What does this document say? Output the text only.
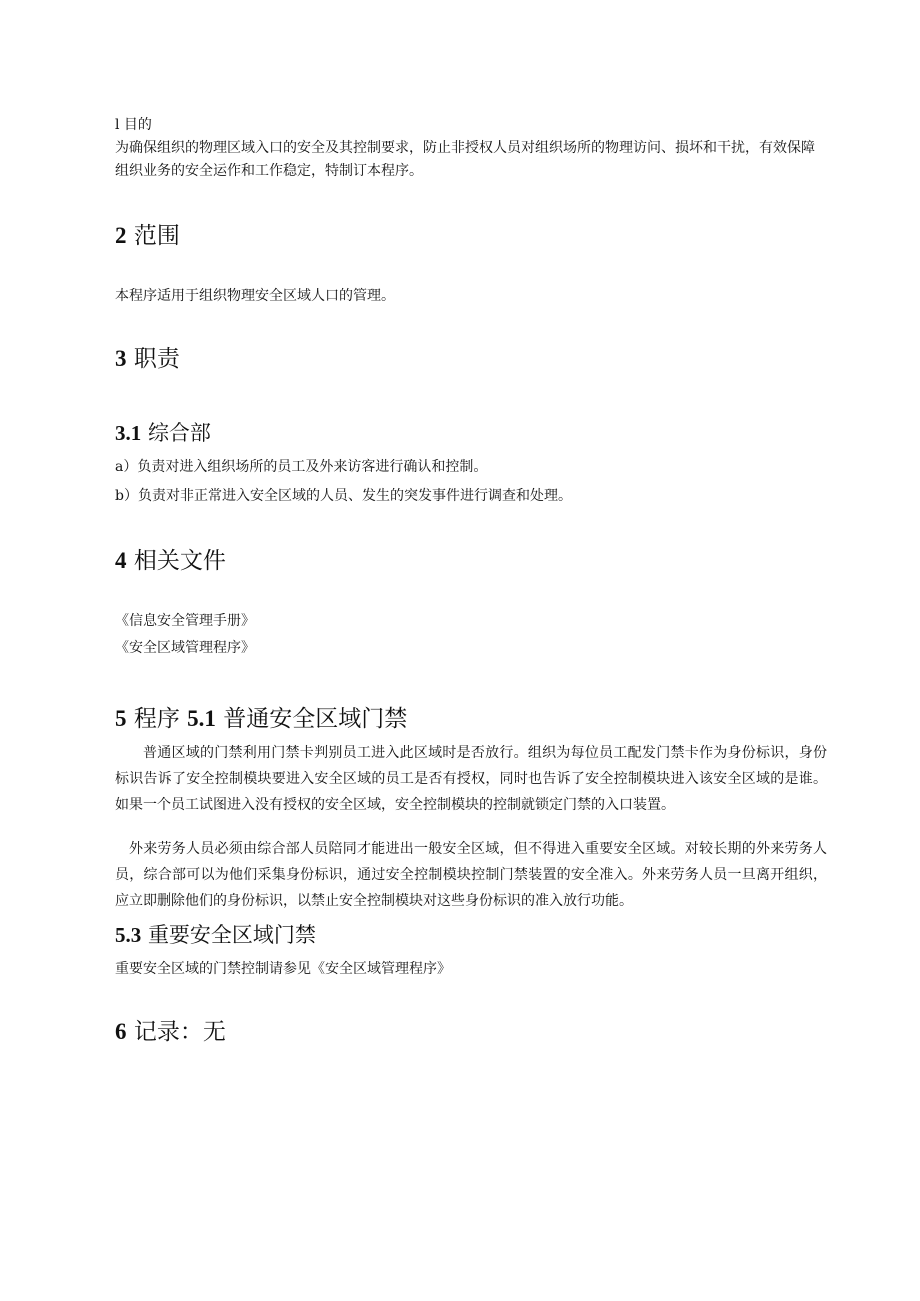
l 目的

为确保组织的物理区域入口的安全及其控制要求，防止非授权人员对组织场所的物理访问、损坏和干扰，有效保障组织业务的安全运作和工作稳定，特制订本程序。

2 范围

本程序适用于组织物理安全区域人口的管理。

3 职责
3.1 综合部

a）负责对进入组织场所的员工及外来访客进行确认和控制。

b）负责对非正常进入安全区域的人员、发生的突发事件进行调查和处理。

4 相关文件

《信息安全管理手册》

《安全区域管理程序》

5 程序 5.1 普通安全区域门禁

普通区域的门禁利用门禁卡判别员工进入此区域时是否放行。组织为每位员工配发门禁卡作为身份标识，身份标识告诉了安全控制模块要进入安全区域的员工是否有授权，同时也告诉了安全控制模块进入该安全区域的是谁。如果一个员工试图进入没有授权的安全区域，安全控制模块的控制就锁定门禁的入口装置。

外来劳务人员必须由综合部人员陪同才能进出一般安全区域，但不得进入重要安全区域。对较长期的外来劳务人员，综合部可以为他们采集身份标识，通过安全控制模块控制门禁装置的安全准入。外来劳务人员一旦离开组织，应立即删除他们的身份标识，以禁止安全控制模块对这些身份标识的准入放行功能。

5.3 重要安全区域门禁

重要安全区域的门禁控制请参见《安全区域管理程序》

6 记录：无
